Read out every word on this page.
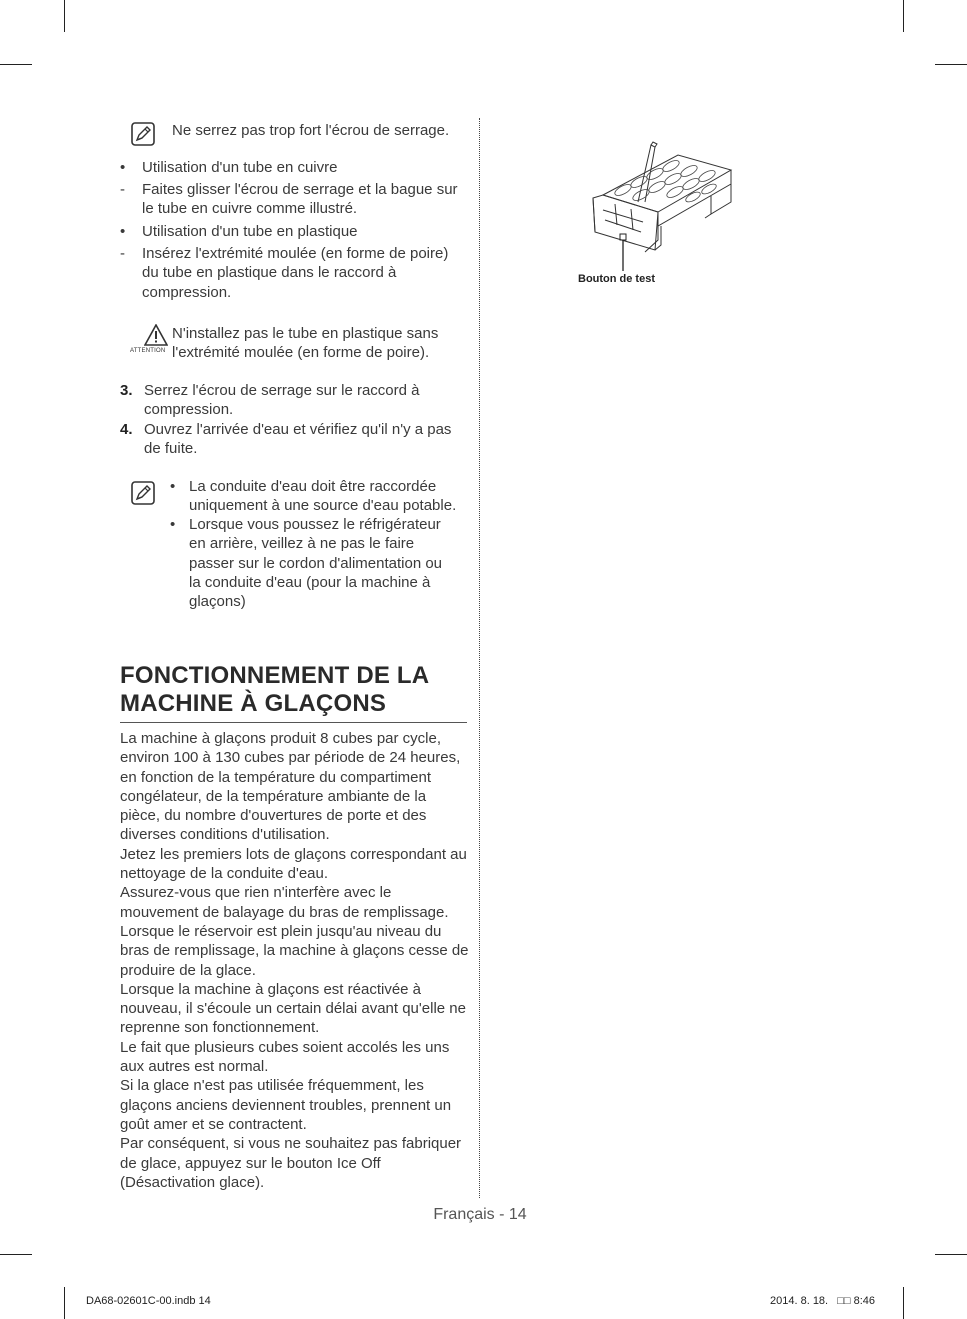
Ne serrez pas trop fort l'écrou de serrage.
•	Utilisation d'un tube en cuivre
-	Faites glisser l'écrou de serrage et la bague sur le tube en cuivre comme illustré.
•	Utilisation d'un tube en plastique
-	Insérez l'extrémité moulée (en forme de poire) du tube en plastique dans le raccord à compression.
ATTENTION
N'installez pas le tube en plastique sans l'extrémité moulée (en forme de poire).
3. Serrez l'écrou de serrage sur le raccord à compression.
4. Ouvrez l'arrivée d'eau et vérifiez qu'il n'y a pas de fuite.
• La conduite d'eau doit être raccordée uniquement à une source d'eau potable.
• Lorsque vous poussez le réfrigérateur en arrière, veillez à ne pas le faire passer sur le cordon d'alimentation ou la conduite d'eau (pour la machine à glaçons)
FONCTIONNEMENT DE LA MACHINE À GLAÇONS

La machine à glaçons produit 8 cubes par cycle, environ 100 à 130 cubes par période de 24 heures, en fonction de la température du compartiment congélateur, de la température ambiante de la pièce, du nombre d'ouvertures de porte et des diverses conditions d'utilisation.

Jetez les premiers lots de glaçons correspondant au nettoyage de la conduite d'eau.

Assurez-vous que rien n'interfère avec le mouvement de balayage du bras de remplissage.

Lorsque le réservoir est plein jusqu'au niveau du bras de remplissage, la machine à glaçons cesse de produire de la glace.

Lorsque la machine à glaçons est réactivée à nouveau, il s'écoule un certain délai avant qu'elle ne reprenne son fonctionnement.

Le fait que plusieurs cubes soient accolés les uns aux autres est normal.

Si la glace n'est pas utilisée fréquemment, les glaçons anciens deviennent troubles, prennent un goût amer et se contractent.

Par conséquent, si vous ne souhaitez pas fabriquer de glace, appuyez sur le bouton Ice Off (Désactivation glace).

Bouton de test
Français - 14
DA68-02601C-00.indb 14	2014. 8. 18.   □□ 8:46
